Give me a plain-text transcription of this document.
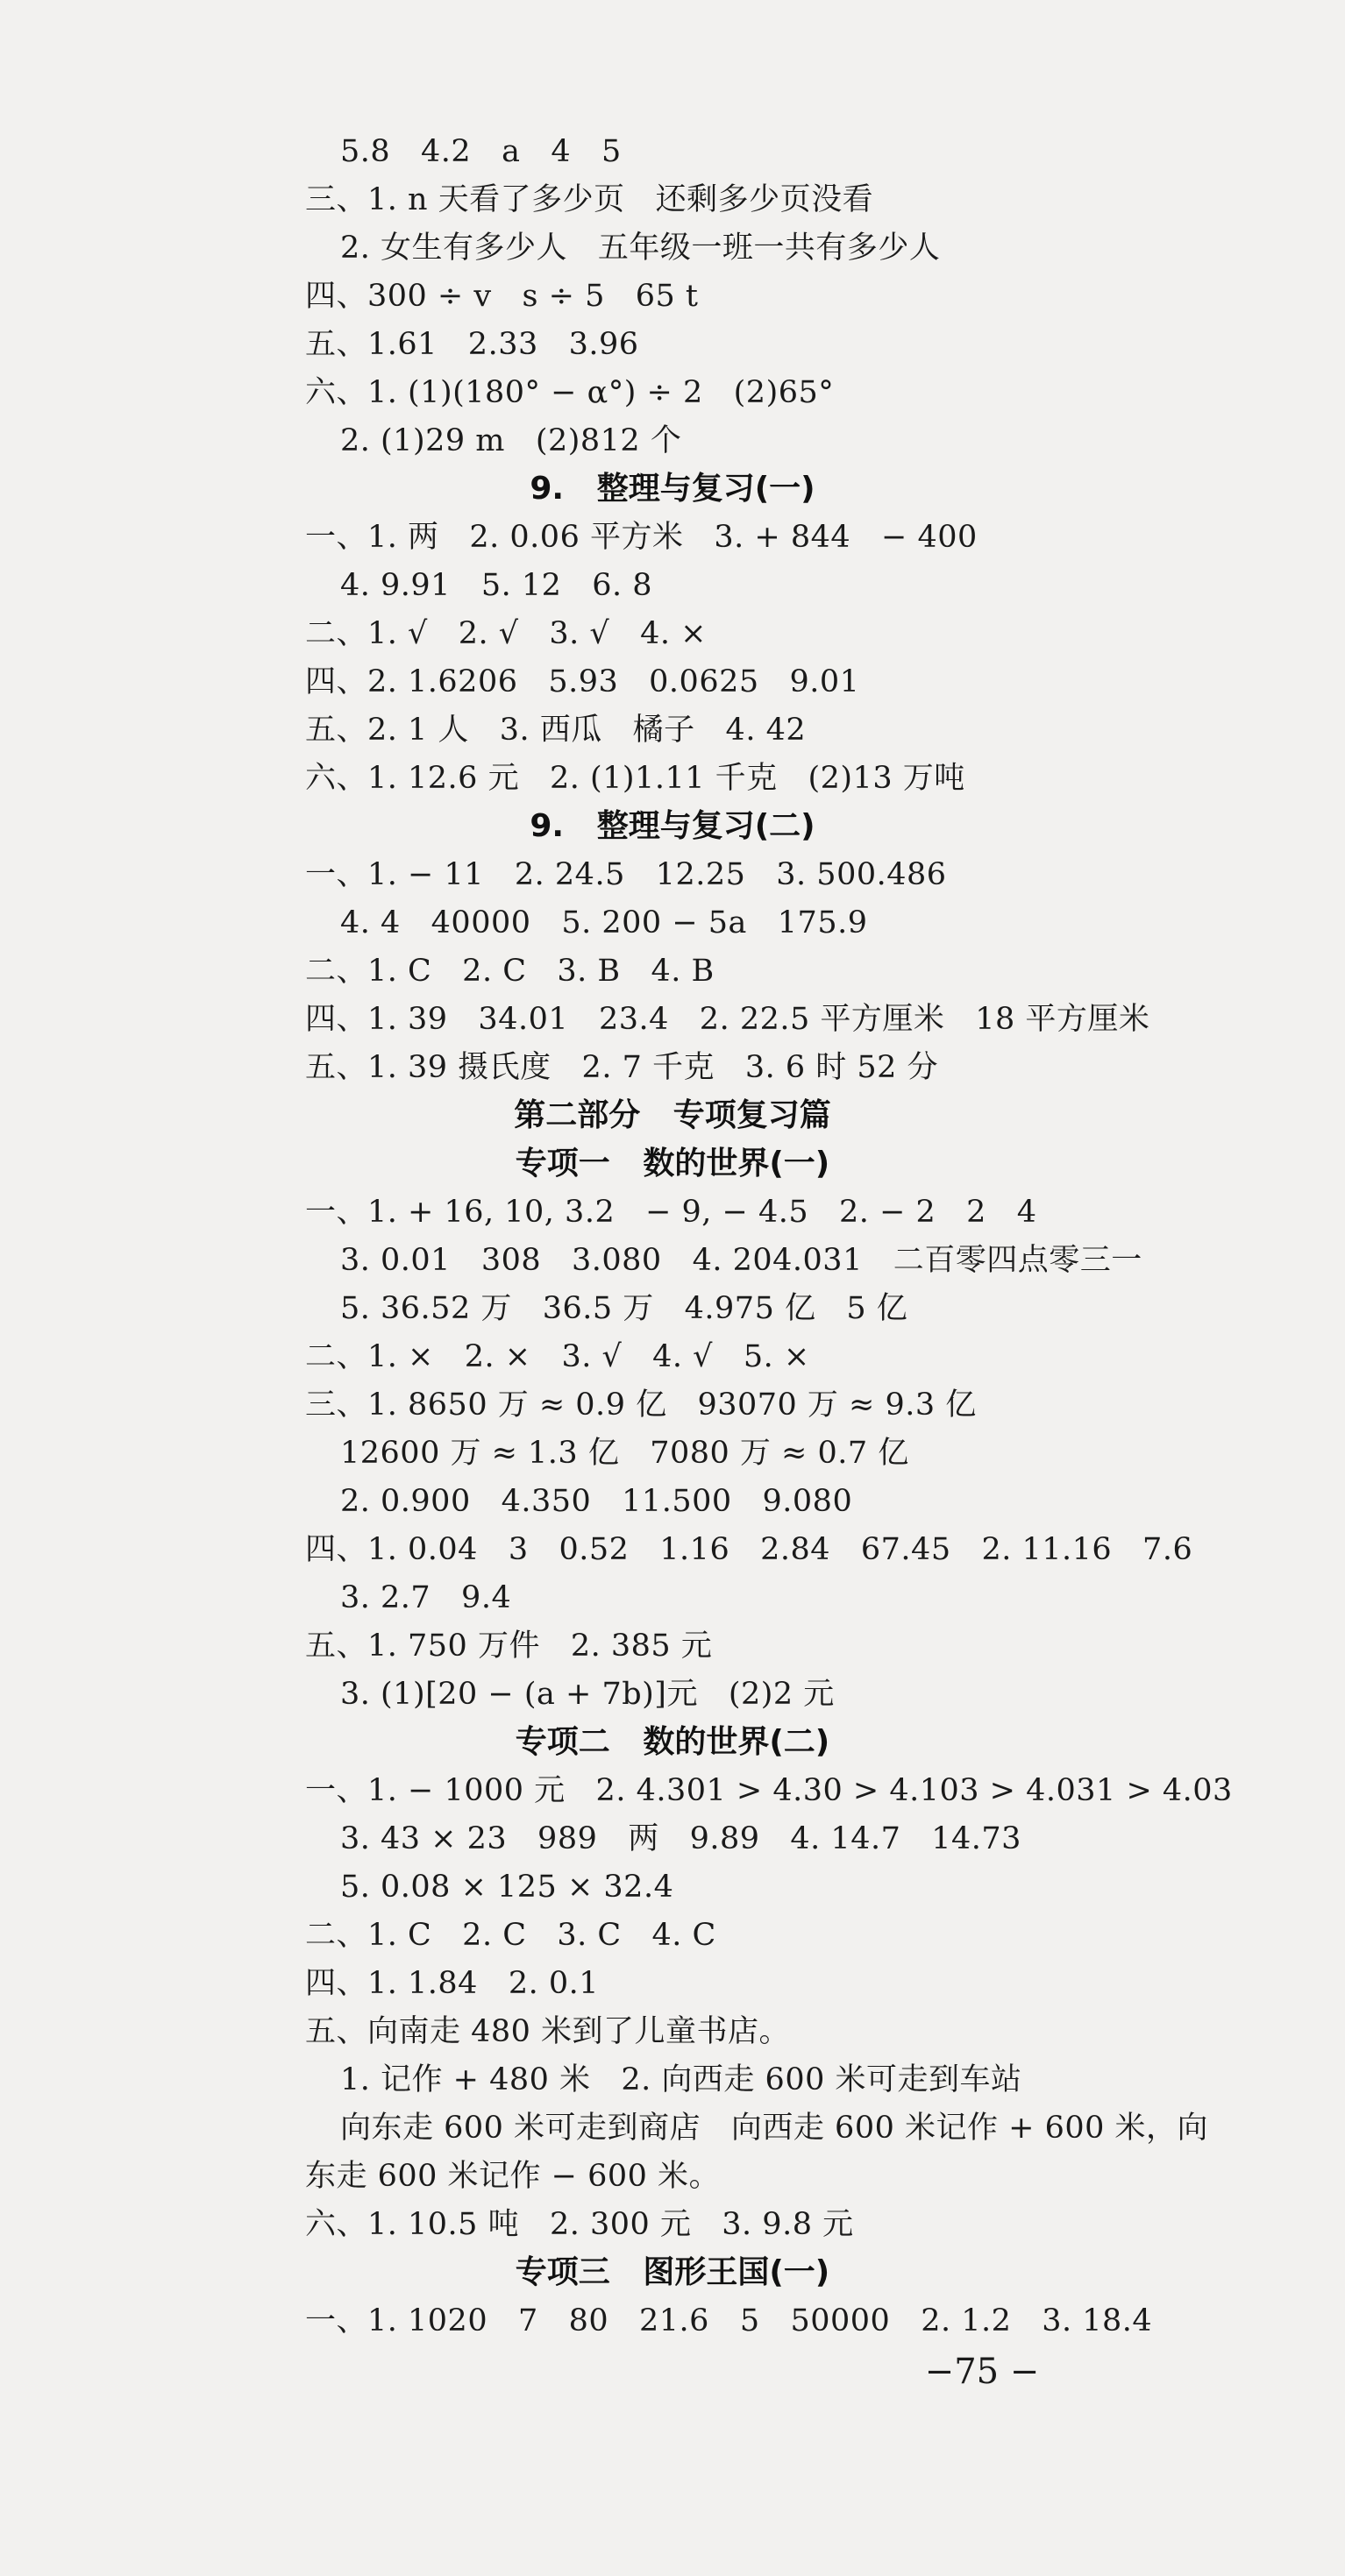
5.8   4.2   a   4   5
三、1. n 天看了多少页   还剩多少页没看
2. 女生有多少人   五年级一班一共有多少人
四、300 ÷ v   s ÷ 5   65 t
五、1.61   2.33   3.96
六、1. (1)(180° − α°) ÷ 2   (2)65°
2. (1)29 m   (2)812 个
9.   整理与复习(一)
一、1. 两   2. 0.06 平方米   3. + 844   − 400
4. 9.91   5. 12   6. 8
二、1. √   2. √   3. √   4. ×
四、2. 1.6206   5.93   0.0625   9.01
五、2. 1 人   3. 西瓜   橘子   4. 42
六、1. 12.6 元   2. (1)1.11 千克   (2)13 万吨
9.   整理与复习(二)
一、1. − 11   2. 24.5   12.25   3. 500.486
4. 4   40000   5. 200 − 5a   175.9
二、1. C   2. C   3. B   4. B
四、1. 39   34.01   23.4   2. 22.5 平方厘米   18 平方厘米
五、1. 39 摄氏度   2. 7 千克   3. 6 时 52 分
第二部分   专项复习篇
专项一   数的世界(一)
一、1. + 16, 10, 3.2   − 9, − 4.5   2. − 2   2   4
3. 0.01   308   3.080   4. 204.031   二百零四点零三一
5. 36.52 万   36.5 万   4.975 亿   5 亿
二、1. ×   2. ×   3. √   4. √   5. ×
三、1. 8650 万 ≈ 0.9 亿   93070 万 ≈ 9.3 亿
12600 万 ≈ 1.3 亿   7080 万 ≈ 0.7 亿
2. 0.900   4.350   11.500   9.080
四、1. 0.04   3   0.52   1.16   2.84   67.45   2. 11.16   7.6
3. 2.7   9.4
五、1. 750 万件   2. 385 元
3. (1)[20 − (a + 7b)]元   (2)2 元
专项二   数的世界(二)
一、1. − 1000 元   2. 4.301 > 4.30 > 4.103 > 4.031 > 4.03
3. 43 × 23   989   两   9.89   4. 14.7   14.73
5. 0.08 × 125 × 32.4
二、1. C   2. C   3. C   4. C
四、1. 1.84   2. 0.1
五、向南走 480 米到了儿童书店。
1. 记作 + 480 米   2. 向西走 600 米可走到车站
向东走 600 米可走到商店   向西走 600 米记作 + 600 米，向
东走 600 米记作 − 600 米。
六、1. 10.5 吨   2. 300 元   3. 9.8 元
专项三   图形王国(一)
一、1. 1020   7   80   21.6   5   50000   2. 1.2   3. 18.4
−75 −
